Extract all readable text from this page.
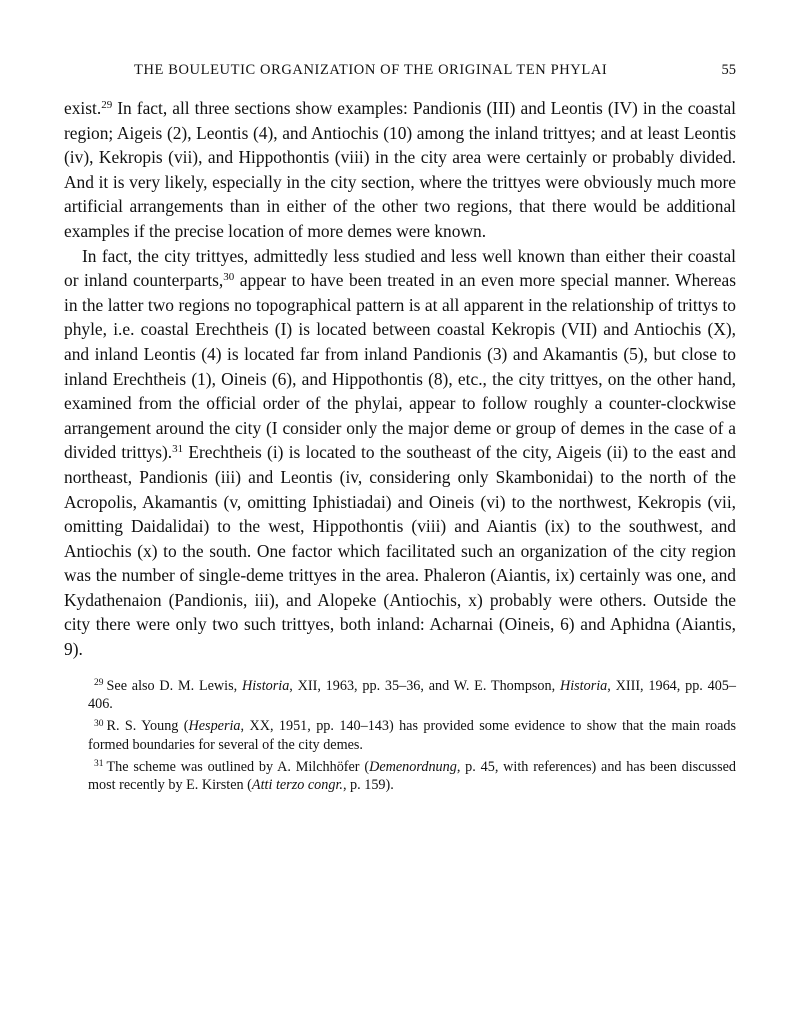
THE BOULEUTIC ORGANIZATION OF THE ORIGINAL TEN PHYLAI	55

exist.$^{29}$ In fact, all three sections show examples: Pandionis (III) and Leontis (IV) in the coastal region; Aigeis (2), Leontis (4), and Antiochis (10) among the inland trittyes; and at least Leontis (iv), Kekropis (vii), and Hippothontis (viii) in the city area were certainly or probably divided. And it is very likely, especially in the city section, where the trittyes were obviously much more artificial arrangements than in either of the other two regions, that there would be additional examples if the precise location of more demes were known.

In fact, the city trittyes, admittedly less studied and less well known than either their coastal or inland counterparts,$^{30}$ appear to have been treated in an even more special manner. Whereas in the latter two regions no topographical pattern is at all apparent in the relationship of trittys to phyle, i.e. coastal Erechtheis (I) is located between coastal Kekropis (VII) and Antiochis (X), and inland Leontis (4) is located far from inland Pandionis (3) and Akamantis (5), but close to inland Erechtheis (1), Oineis (6), and Hippothontis (8), etc., the city trittyes, on the other hand, examined from the official order of the phylai, appear to follow roughly a counter-clockwise arrangement around the city (I consider only the major deme or group of demes in the case of a divided trittys).$^{31}$ Erechtheis (i) is located to the southeast of the city, Aigeis (ii) to the east and northeast, Pandionis (iii) and Leontis (iv, considering only Skambonidai) to the north of the Acropolis, Akamantis (v, omitting Iphistiadai) and Oineis (vi) to the northwest, Kekropis (vii, omitting Daidalidai) to the west, Hippothontis (viii) and Aiantis (ix) to the southwest, and Antiochis (x) to the south. One factor which facilitated such an organization of the city region was the number of single-deme trittyes in the area. Phaleron (Aiantis, ix) certainly was one, and Kydathenaion (Pandionis, iii), and Alopeke (Antiochis, x) probably were others. Outside the city there were only two such trittyes, both inland: Acharnai (Oineis, 6) and Aphidna (Aiantis, 9).

$^{29}$ See also D. M. Lewis, Historia, XII, 1963, pp. 35–36, and W. E. Thompson, Historia, XIII, 1964, pp. 405–406.

$^{30}$ R. S. Young (Hesperia, XX, 1951, pp. 140–143) has provided some evidence to show that the main roads formed boundaries for several of the city demes.

$^{31}$ The scheme was outlined by A. Milchhöfer (Demenordnung, p. 45, with references) and has been discussed most recently by E. Kirsten (Atti terzo congr., p. 159).
